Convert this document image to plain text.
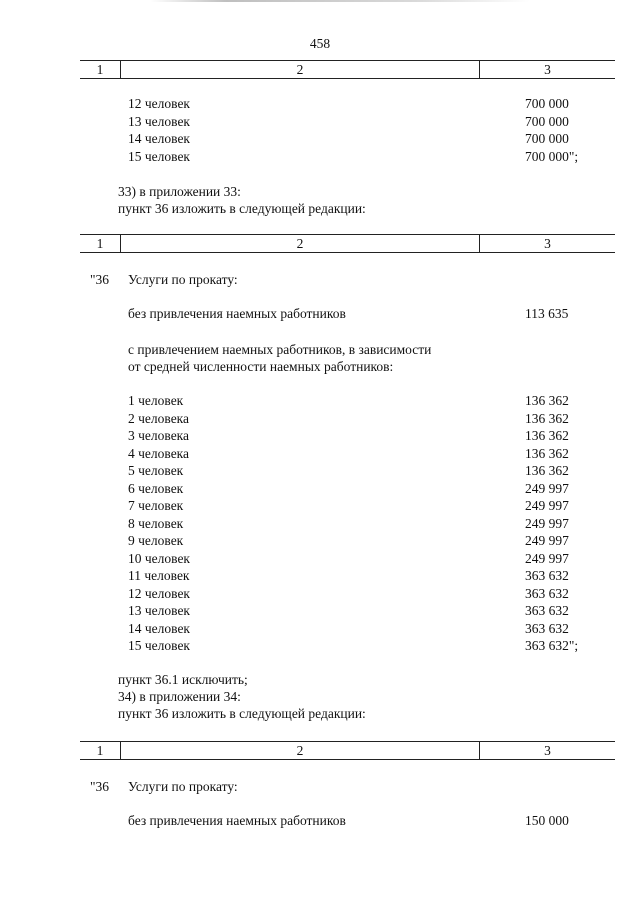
458
1	2	3
12 человек	700 000
13 человек	700 000
14 человек	700 000
15 человек	700 000";
33) в приложении 33:
пункт 36 изложить в следующей редакции:
1	2	3
"36 Услуги по прокату:
без привлечения наемных работников	113 635
с привлечением наемных работников, в зависимости
от средней численности наемных работников:
1 человек	136 362
2 человека	136 362
3 человека	136 362
4 человека	136 362
5 человек	136 362
6 человек	249 997
7 человек	249 997
8 человек	249 997
9 человек	249 997
10 человек	249 997
11 человек	363 632
12 человек	363 632
13 человек	363 632
14 человек	363 632
15 человек	363 632";
пункт 36.1 исключить;
34) в приложении 34:
пункт 36 изложить в следующей редакции:
1	2	3
"36 Услуги по прокату:
без привлечения наемных работников	150 000
